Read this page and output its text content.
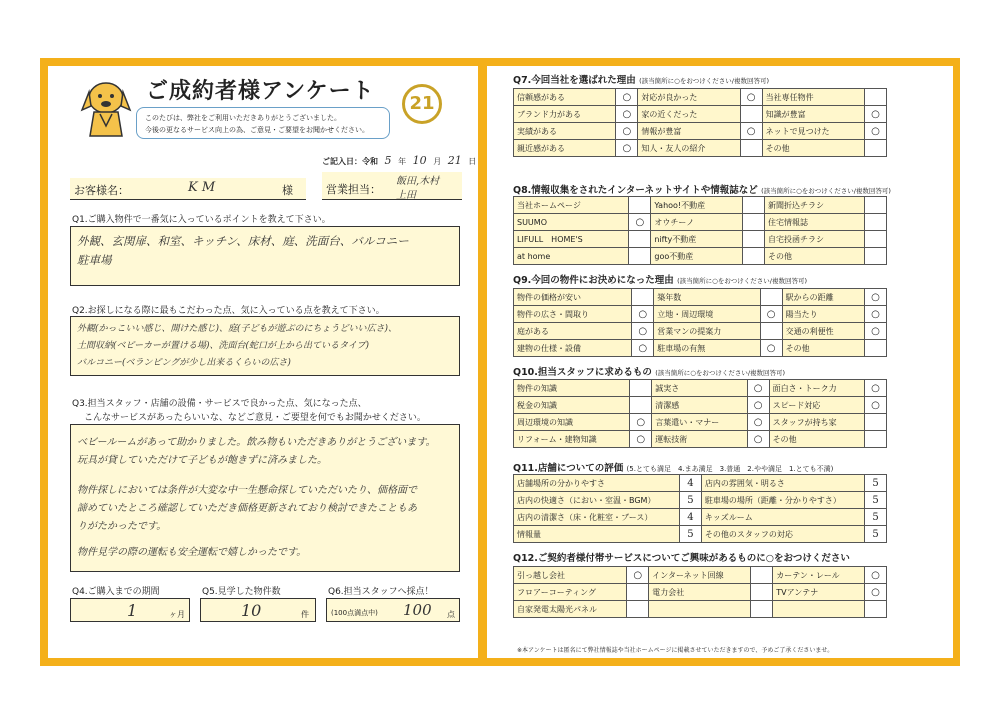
ご成約者様アンケート
このたびは、弊社をご利用いただきありがとうございました。
今後の更なるサービス向上の為、ご意見・ご要望をお聞かせください。
21
ご記入日：令和 5 年 10 月 21 日
お客様名：	K M	様	営業担当：
飯田,木村
上田
Q1.ご購入物件で一番気に入っているポイントを教えて下さい。
外観、玄関扉、和室、キッチン、床材、庭、洗面台、バルコニー
駐車場
Q2.お探しになる際に最もこだわった点、気に入っている点を教えて下さい。
外観(かっこいい感じ、開けた感じ)、庭(子どもが遊ぶのにちょうどいい広さ)、
土間収納(ベビーカーが置ける場)、洗面台(蛇口が上から出ているタイプ)
バルコニー(ベランピングが少し出来るくらいの広さ)
Q3.担当スタッフ・店舗の設備・サービスで良かった点、気になった点、
こんなサービスがあったらいいな、などご意見・ご要望を何でもお聞かせください。
ベビールームがあって助かりました。飲み物もいただきありがとうございます。
玩具が貸していただけて子どもが飽きずに済みました。
物件探しにおいては条件が大変な中一生懸命探していただいたり、価格面で
諦めていたところ確認していただき価格更新されており検討できたこともあ
りがたかったです。
物件見学の際の運転も安全運転で嬉しかったです。
Q4.ご購入までの期間
1	ヶ月
Q5.見学した物件数
10	件
Q6.担当スタッフへ採点！
(100点満点中) 100 点
Q7.今回当社を選ばれた理由 (該当箇所に○をおつけください/複数回答可)
信頼感がある	○	対応が良かった	○	当社専任物件	
ブランド力がある	○	家の近くだった		知識が豊富	○
実績がある	○	情報が豊富	○	ネットで見つけた	○
親近感がある	○	知人・友人の紹介		その他	
Q8.情報収集をされたインターネットサイトや情報誌など (該当箇所に○をおつけください/複数回答可)
当社ホームページ		Yahoo!不動産		新聞折込チラシ	
SUUMO	○	オウチーノ		住宅情報誌	
LIFULL　HOME'S		nifty不動産		自宅投函チラシ	
at home		goo不動産		その他	
Q9.今回の物件にお決めになった理由 (該当箇所に○をおつけください/複数回答可)
物件の価格が安い		築年数		駅からの距離	○
物件の広さ・間取り	○	立地・周辺環境	○	陽当たり	○
庭がある	○	営業マンの提案力		交通の利便性	○
建物の仕様・設備	○	駐車場の有無	○	その他	
Q10.担当スタッフに求めるもの (該当箇所に○をおつけください/複数回答可)
物件の知識		誠実さ	○	面白さ・トーク力	○
税金の知識		清潔感	○	スピード対応	○
周辺環境の知識	○	言葉遣い・マナー	○	スタッフが持ち家	
リフォーム・建物知識	○	運転技術	○	その他	
Q11.店舗についての評価 (5.とても満足　4.まあ満足　3.普通　2.やや満足　1.とても不満)
店舗場所の分かりやすさ	4	店内の雰囲気・明るさ	5
店内の快適さ（におい・室温・BGM）	5	駐車場の場所（距離・分かりやすさ）	5
店内の清潔さ（床・化粧室・ブース）	4	キッズルーム	5
情報量	5	その他のスタッフの対応	5
Q12.ご契約者様付帯サービスについてご興味があるものに○をおつけください
引っ越し会社	○	インターネット回線		カーテン・レール	○
フロアーコーティング		電力会社		TVアンテナ	○
自家発電太陽光パネル					
※本アンケートは匿名にて弊社情報誌や当社ホームページに掲載させていただきますので、予めご了承くださいませ。
